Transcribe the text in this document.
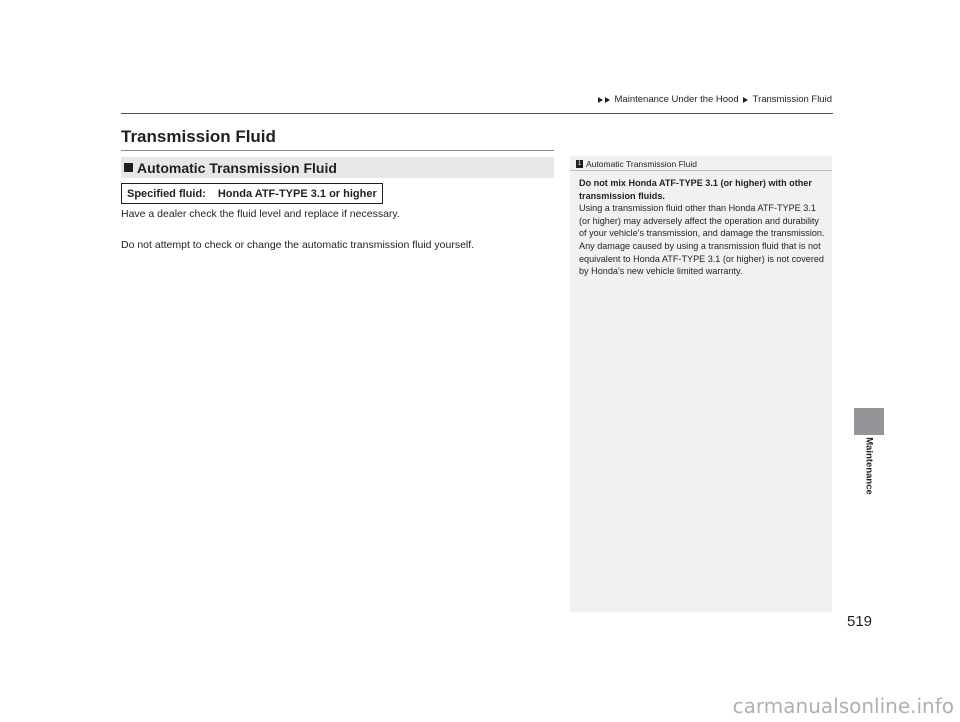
Maintenance Under the Hood Transmission Fluid
Transmission Fluid
Automatic Transmission Fluid
Specified fluid: Honda ATF-TYPE 3.1 or higher

Have a dealer check the fluid level and replace if necessary.

Do not attempt to check or change the automatic transmission fluid yourself.

1 Automatic Transmission Fluid

Do not mix Honda ATF-TYPE 3.1 (or higher) with other transmission fluids.

Using a transmission fluid other than Honda ATF-TYPE 3.1 (or higher) may adversely affect the operation and durability of your vehicle’s transmission, and damage the transmission.

Any damage caused by using a transmission fluid that is not equivalent to Honda ATF-TYPE 3.1 (or higher) is not covered by Honda’s new vehicle limited warranty.

Maintenance
519
carmanualsonline.info
